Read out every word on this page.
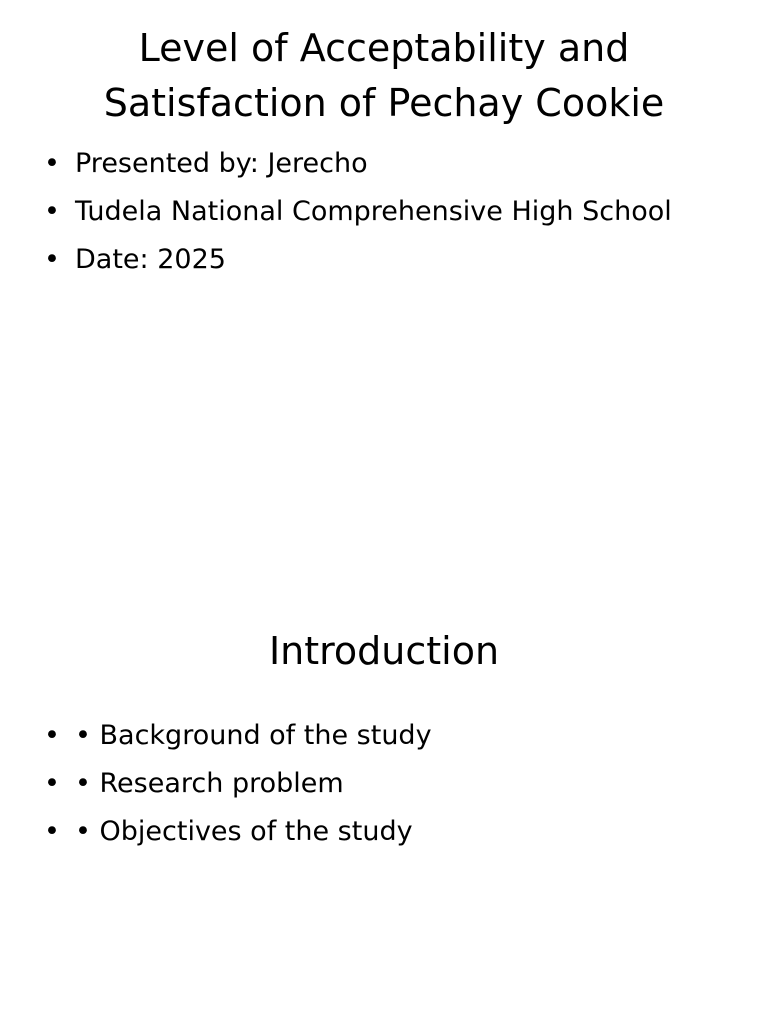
Level of Acceptability and
Satisfaction of Pechay Cookie
• Presented by: Jerecho
• Tudela National Comprehensive High School
• Date: 2025
Introduction
• • Background of the study
• • Research problem
• • Objectives of the study
